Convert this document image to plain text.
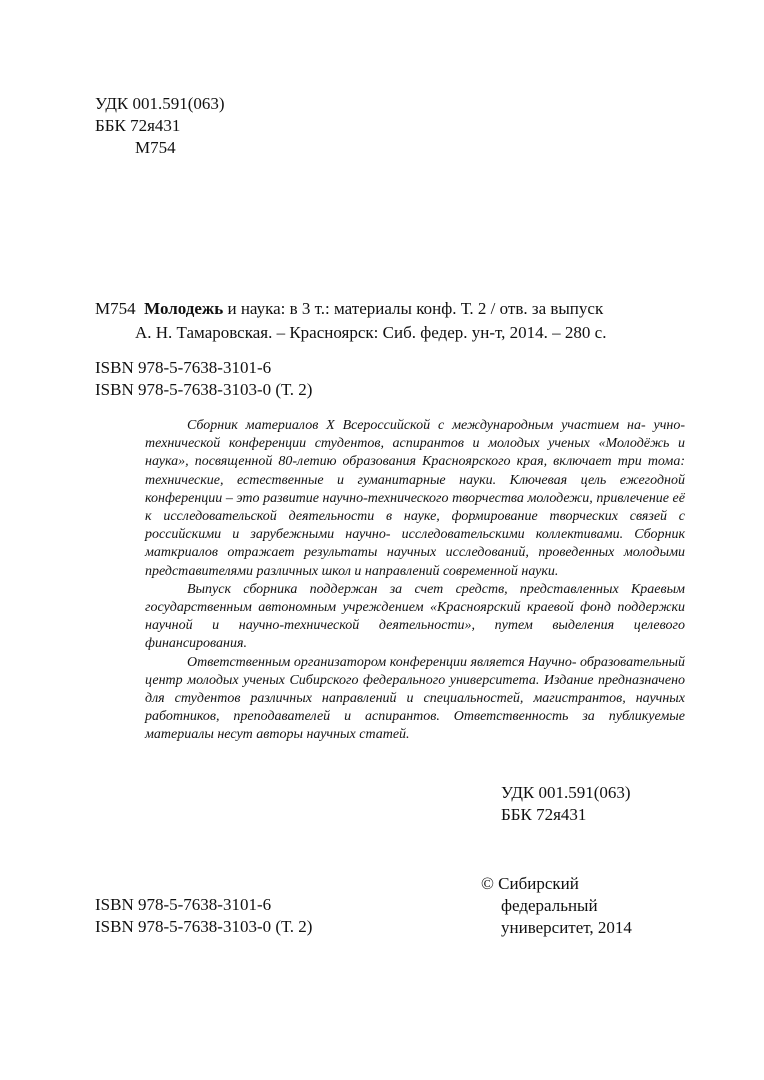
УДК 001.591(063)
ББК 72я431
М754
М754 Молодежь и наука: в 3 т.: материалы конф. Т. 2 / отв. за выпуск
А. Н. Тамаровская. – Красноярск: Сиб. федер. ун-т, 2014. – 280 с.
ISBN 978-5-7638-3101-6
ISBN 978-5-7638-3103-0 (Т. 2)

Сборник материалов X Всероссийской с международным участием на- учно-технической конференции студентов, аспирантов и молодых ученых «Молодёжь и наука», посвященной 80-летию образования Красноярского края, включает три тома: технические, естественные и гуманитарные науки. Ключевая цель ежегодной конференции – это развитие научно-технического творчества молодежи, привлечение её к исследовательской деятельности в науке, формирование творческих связей с российскими и зарубежными научно- исследовательскими коллективами. Сборник маткриалов отражает результаты научных исследований, проведенных молодыми представителями различных школ и направлений современной науки.

Выпуск сборника поддержан за счет средств, представленных Краевым государственным автономным учреждением «Красноярский краевой фонд поддержки научной и научно-технической деятельности», путем выделения целевого финансирования.

Ответственным организатором конференции является Научно- образовательный центр молодых ученых Сибирского федерального университета. Издание предназначено для студентов различных направлений и специальностей, магистрантов, научных работников, преподавателей и аспирантов. Ответственность за публикуемые материалы несут авторы научных статей.

УДК 001.591(063)
ББК 72я431
© Сибирский
федеральный
университет, 2014
ISBN 978-5-7638-3101-6
ISBN 978-5-7638-3103-0 (Т. 2)
